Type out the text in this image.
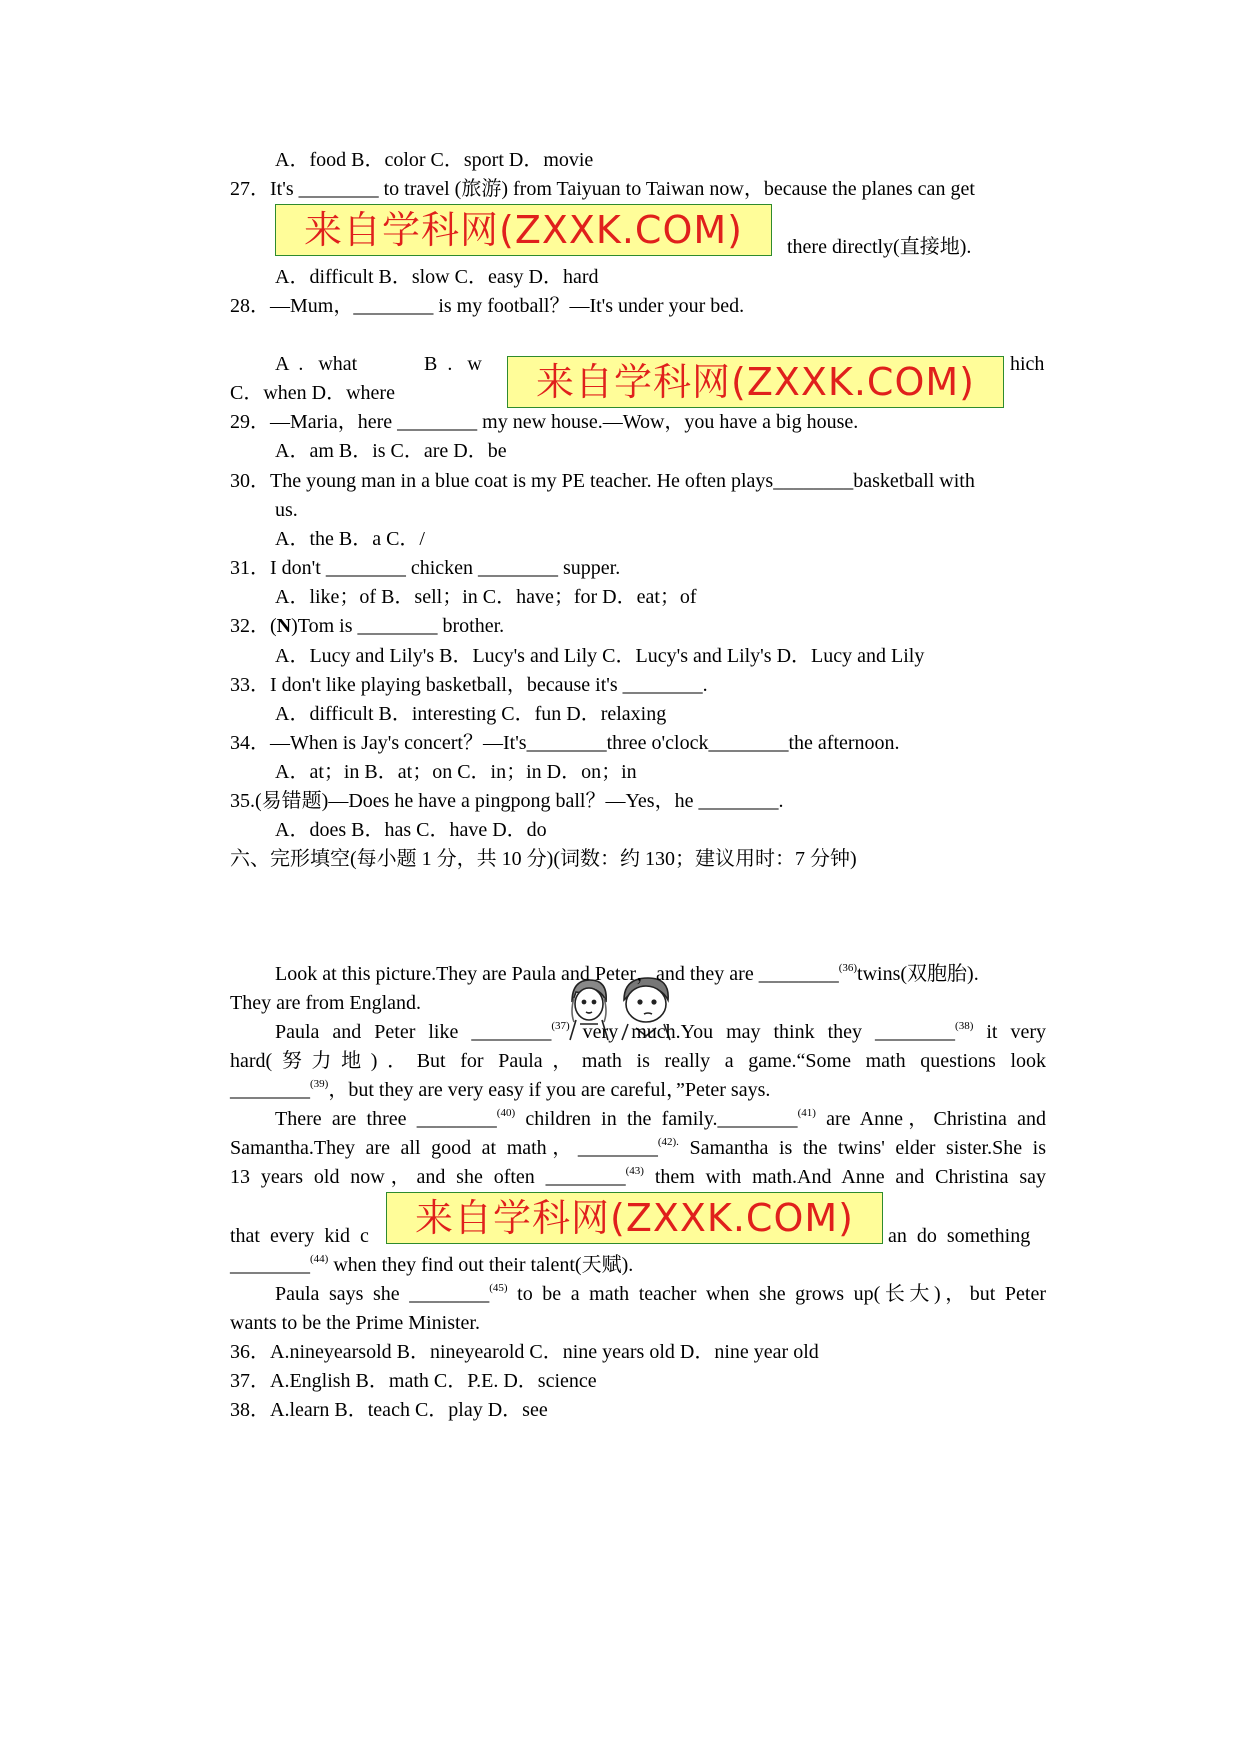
A．food B．color C．sport D．movie
27．It's ________ to travel (旅游) from Taiyuan to Taiwan now，because the planes can get
来自学科网(ZXXK.COM)	there directly(直接地).
A．difficult B．slow C．easy D．hard
28．—Mum，________ is my football？—It's under your bed.
A  .   what	B  .   w	来自学科网(ZXXK.COM)	hich
C．when D．where
29．—Maria，here ________ my new house.—Wow，you have a big house.
A．am B．is C．are D．be
30．The young man in a blue coat is my PE teacher. He often plays________basketball with
us.
A．the B．a C．/
31．I don't ________ chicken ________ supper.
A．like；of B．sell；in C．have；for D．eat；of
32．(N)Tom is ________ brother.
A．Lucy and Lily's B．Lucy's and Lily C．Lucy's and Lily's D．Lucy and Lily
33．I don't like playing basketball，because it's ________.
A．difficult B．interesting C．fun D．relaxing
34．—When is Jay's concert？—It's________three o'clock________the afternoon.
A．at；in B．at；on C．in；in D．on；in
35.(易错题)—Does he have a pingpong ball？—Yes，he ________.
A．does B．has C．have D．do
六、完形填空(每小题 1 分，共 10 分)(词数：约 130；建议用时：7 分钟)
Look at this picture.They are Paula and Peter，and they are ________$^{(36)}$twins(双胞胎).
They are from England.
Paula and Peter like ________$^{(37)}$ very much.You may think they ________$^{(38)}$ it very
hard(努力地)．But for Paula，math is really a game.“Some math questions look
________$^{(39)}$，but they are very easy if you are careful，”Peter says.
There are three ________$^{(40)}$ children in the family.________$^{(41)}$ are Anne，Christina and
Samantha.They are all good at math，________$^{(42).}$ Samantha is the twins' elder sister.She is
13 years old now，and she often ________$^{(43)}$ them with math.And Anne and Christina say
that  every  kid  c	来自学科网(ZXXK.COM)	an  do  something
________$^{(44)}$ when they find out their talent(天赋).
Paula says she ________$^{(45)}$ to be a math teacher when she grows up(长大)，but Peter
wants to be the Prime Minister.
36．A.nineyearsold B．nineyearold C．nine years old D．nine year old
37．A.English B．math C．P.E. D．science
38．A.learn B．teach C．play D．see
